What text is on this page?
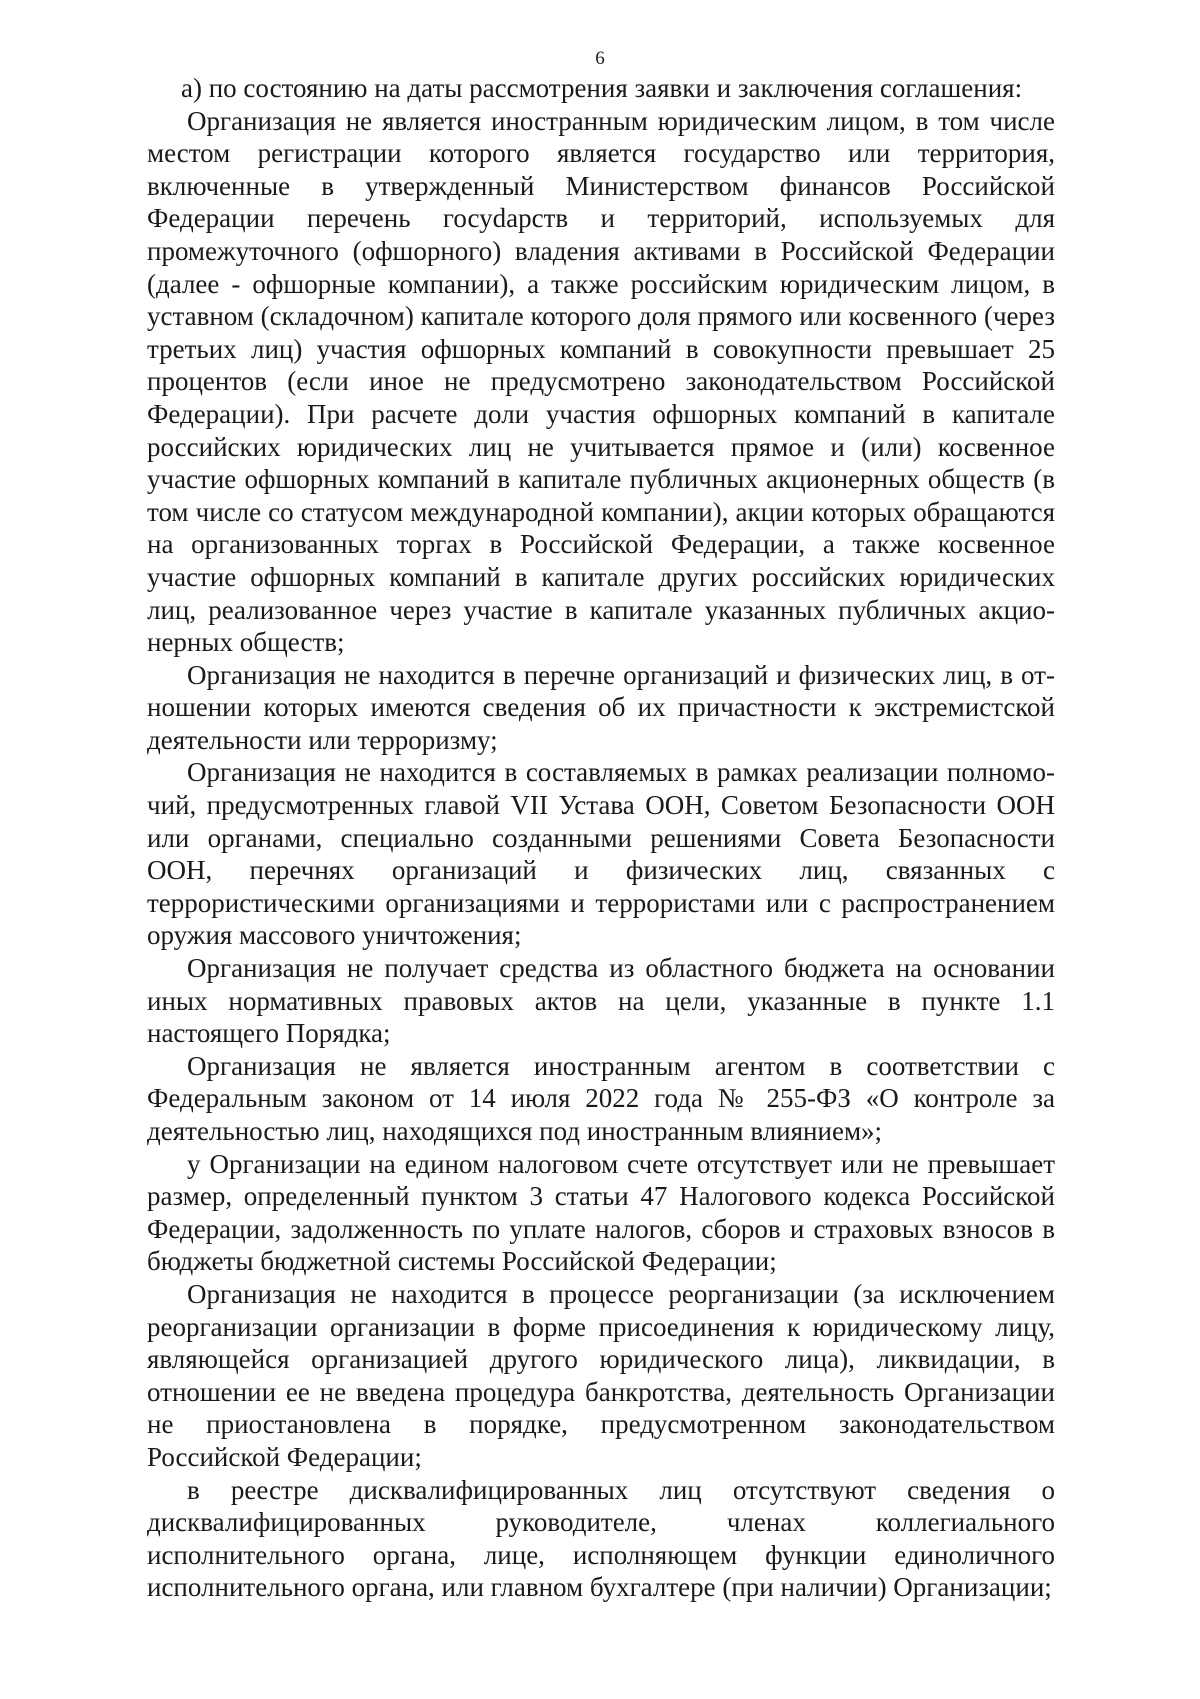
6

а) по состоянию на даты рассмотрения заявки и заключения соглашения:

Организация не является иностранным юридическим лицом, в том числе местом регистрации которого является государство или территория, включенные в утвержденный Министерством финансов Российской Федерации перечень госуdарств и территорий, используемых для промежуточного (офшорного) владения активами в Российской Федерации (далее - офшорные компании), а также российским юридическим лицом, в уставном (складочном) капитале которого доля прямого или косвенного (через третьих лиц) участия офшорных компаний в совокупности превышает 25 процентов (если иное не предусмотрено законодательством Российской Федерации). При расчете доли участия офшорных компаний в капитале российских юридических лиц не учитывается прямое и (или) косвенное участие офшорных компаний в капитале публичных акционерных обществ (в том числе со статусом международной компании), акции которых обращаются на организованных торгах в Российской Федерации, а также косвенное участие офшорных компаний в капитале других российских юридических лиц, реализованное через участие в капитале указанных публичных акционерных обществ;

Организация не находится в перечне организаций и физических лиц, в отношении которых имеются сведения об их причастности к экстремистской деятельности или терроризму;

Организация не находится в составляемых в рамках реализации полномочий, предусмотренных главой VII Устава ООН, Советом Безопасности ООН или органами, специально созданными решениями Совета Безопасности ООН, перечнях организаций и физических лиц, связанных с террористическими организациями и террористами или с распространением оружия массового уничтожения;

Организация не получает средства из областного бюджета на основании иных нормативных правовых актов на цели, указанные в пункте 1.1 настоящего Порядка;

Организация не является иностранным агентом в соответствии с Федеральным законом от 14 июля 2022 года № 255-ФЗ «О контроле за деятельностью лиц, находящихся под иностранным влиянием»;

у Организации на едином налоговом счете отсутствует или не превышает размер, определенный пунктом 3 статьи 47 Налогового кодекса Российской Федерации, задолженность по уплате налогов, сборов и страховых взносов в бюджеты бюджетной системы Российской Федерации;

Организация не находится в процессе реорганизации (за исключением реорганизации организации в форме присоединения к юридическому лицу, являющейся организацией другого юридического лица), ликвидации, в отношении ее не введена процедура банкротства, деятельность Организации не приостановлена в порядке, предусмотренном законодательством Российской Федерации;

в реестре дисквалифицированных лиц отсутствуют сведения о дисквалифицированных руководителе, членах коллегиального исполнительного органа, лице, исполняющем функции единоличного исполнительного органа, или главном бухгалтере (при наличии) Организации;
